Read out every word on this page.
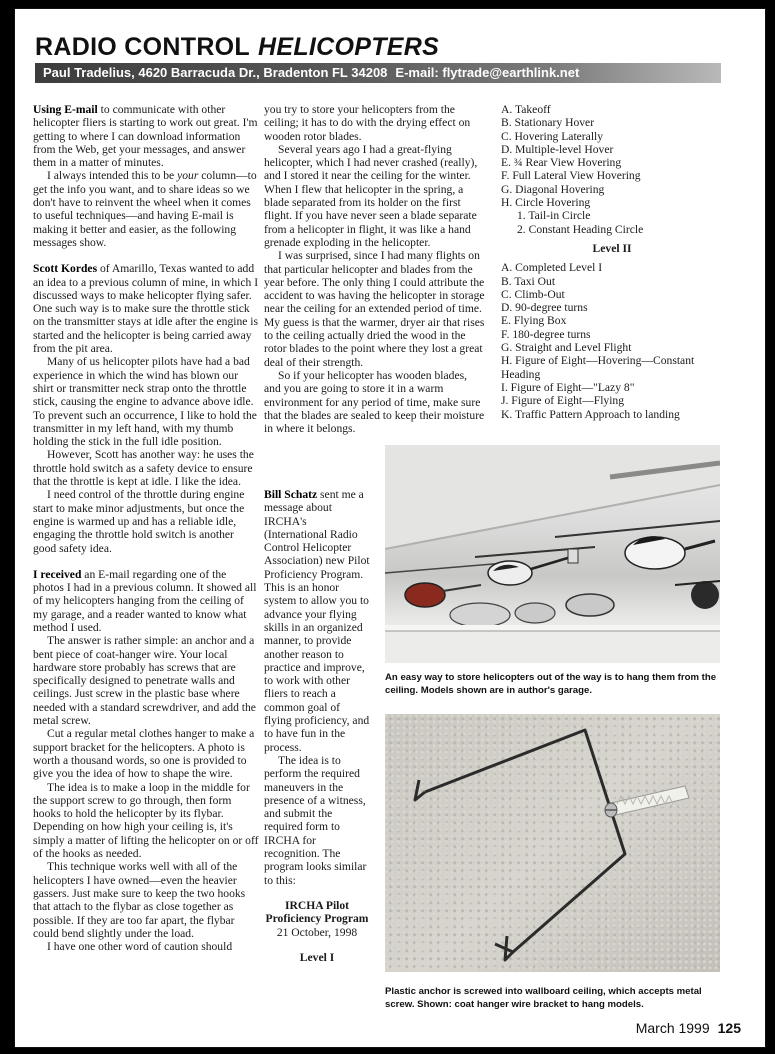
RADIO CONTROL HELICOPTERS
Paul Tradelius, 4620 Barracuda Dr., Bradenton FL 34208 E-mail: flytrade@earthlink.net

Using E-mail to communicate with other helicopter fliers is starting to work out great. I'm getting to where I can download information from the Web, get your messages, and answer them in a matter of minutes.

I always intended this to be your column—to get the info you want, and to share ideas so we don't have to reinvent the wheel when it comes to useful techniques—and having E-mail is making it better and easier, as the following messages show.

Scott Kordes of Amarillo, Texas wanted to add an idea to a previous column of mine, in which I discussed ways to make helicopter flying safer. One such way is to make sure the throttle stick on the transmitter stays at idle after the engine is started and the helicopter is being carried away from the pit area.

Many of us helicopter pilots have had a bad experience in which the wind has blown our shirt or transmitter neck strap onto the throttle stick, causing the engine to advance above idle. To prevent such an occurrence, I like to hold the transmitter in my left hand, with my thumb holding the stick in the full idle position.

However, Scott has another way: he uses the throttle hold switch as a safety device to ensure that the throttle is kept at idle. I like the idea.

I need control of the throttle during engine start to make minor adjustments, but once the engine is warmed up and has a reliable idle, engaging the throttle hold switch is another good safety idea.

I received an E-mail regarding one of the photos I had in a previous column. It showed all of my helicopters hanging from the ceiling of my garage, and a reader wanted to know what method I used.

The answer is rather simple: an anchor and a bent piece of coat-hanger wire. Your local hardware store probably has screws that are specifically designed to penetrate walls and ceilings. Just screw in the plastic base where needed with a standard screwdriver, and add the metal screw.

Cut a regular metal clothes hanger to make a support bracket for the helicopters. A photo is worth a thousand words, so one is provided to give you the idea of how to shape the wire.

The idea is to make a loop in the middle for the support screw to go through, then form hooks to hold the helicopter by its flybar. Depending on how high your ceiling is, it's simply a matter of lifting the helicopter on or off of the hooks as needed.

This technique works well with all of the helicopters I have owned—even the heavier gassers. Just make sure to keep the two hooks that attach to the flybar as close together as possible. If they are too far apart, the flybar could bend slightly under the load.

I have one other word of caution should

you try to store your helicopters from the ceiling; it has to do with the drying effect on wooden rotor blades.

Several years ago I had a great-flying helicopter, which I had never crashed (really), and I stored it near the ceiling for the winter. When I flew that helicopter in the spring, a blade separated from its holder on the first flight. If you have never seen a blade separate from a helicopter in flight, it was like a hand grenade exploding in the helicopter.

I was surprised, since I had many flights on that particular helicopter and blades from the year before. The only thing I could attribute the accident to was having the helicopter in storage near the ceiling for an extended period of time. My guess is that the warmer, dryer air that rises to the ceiling actually dried the wood in the rotor blades to the point where they lost a great deal of their strength.

So if your helicopter has wooden blades, and you are going to store it in a warm environment for any period of time, make sure that the blades are sealed to keep their moisture in where it belongs.

Bill Schatz sent me a message about IRCHA's (International Radio Control Helicopter Association) new Pilot Proficiency Program. This is an honor system to allow you to advance your flying skills in an organized manner, to provide another reason to practice and improve, to work with other fliers to reach a common goal of flying proficiency, and to have fun in the process.

The idea is to perform the required maneuvers in the presence of a witness, and submit the required form to IRCHA for recognition. The program looks similar to this:

IRCHA Pilot Proficiency Program

21 October, 1998

Level I

A. Takeoff

B. Stationary Hover

C. Hovering Laterally

D. Multiple-level Hover

E. ¾ Rear View Hovering

F. Full Lateral View Hovering

G. Diagonal Hovering

H. Circle Hovering

1. Tail-in Circle

2. Constant Heading Circle

Level II

A. Completed Level I

B. Taxi Out

C. Climb-Out

D. 90-degree turns

E. Flying Box

F. 180-degree turns

G. Straight and Level Flight

H. Figure of Eight—Hovering—Constant Heading

I. Figure of Eight—"Lazy 8"

J. Figure of Eight—Flying

K. Traffic Pattern Approach to landing

An easy way to store helicopters out of the way is to hang them from the ceiling. Models shown are in author's garage.
Plastic anchor is screwed into wallboard ceiling, which accepts metal screw. Shown: coat hanger wire bracket to hang models.
March 1999 125
